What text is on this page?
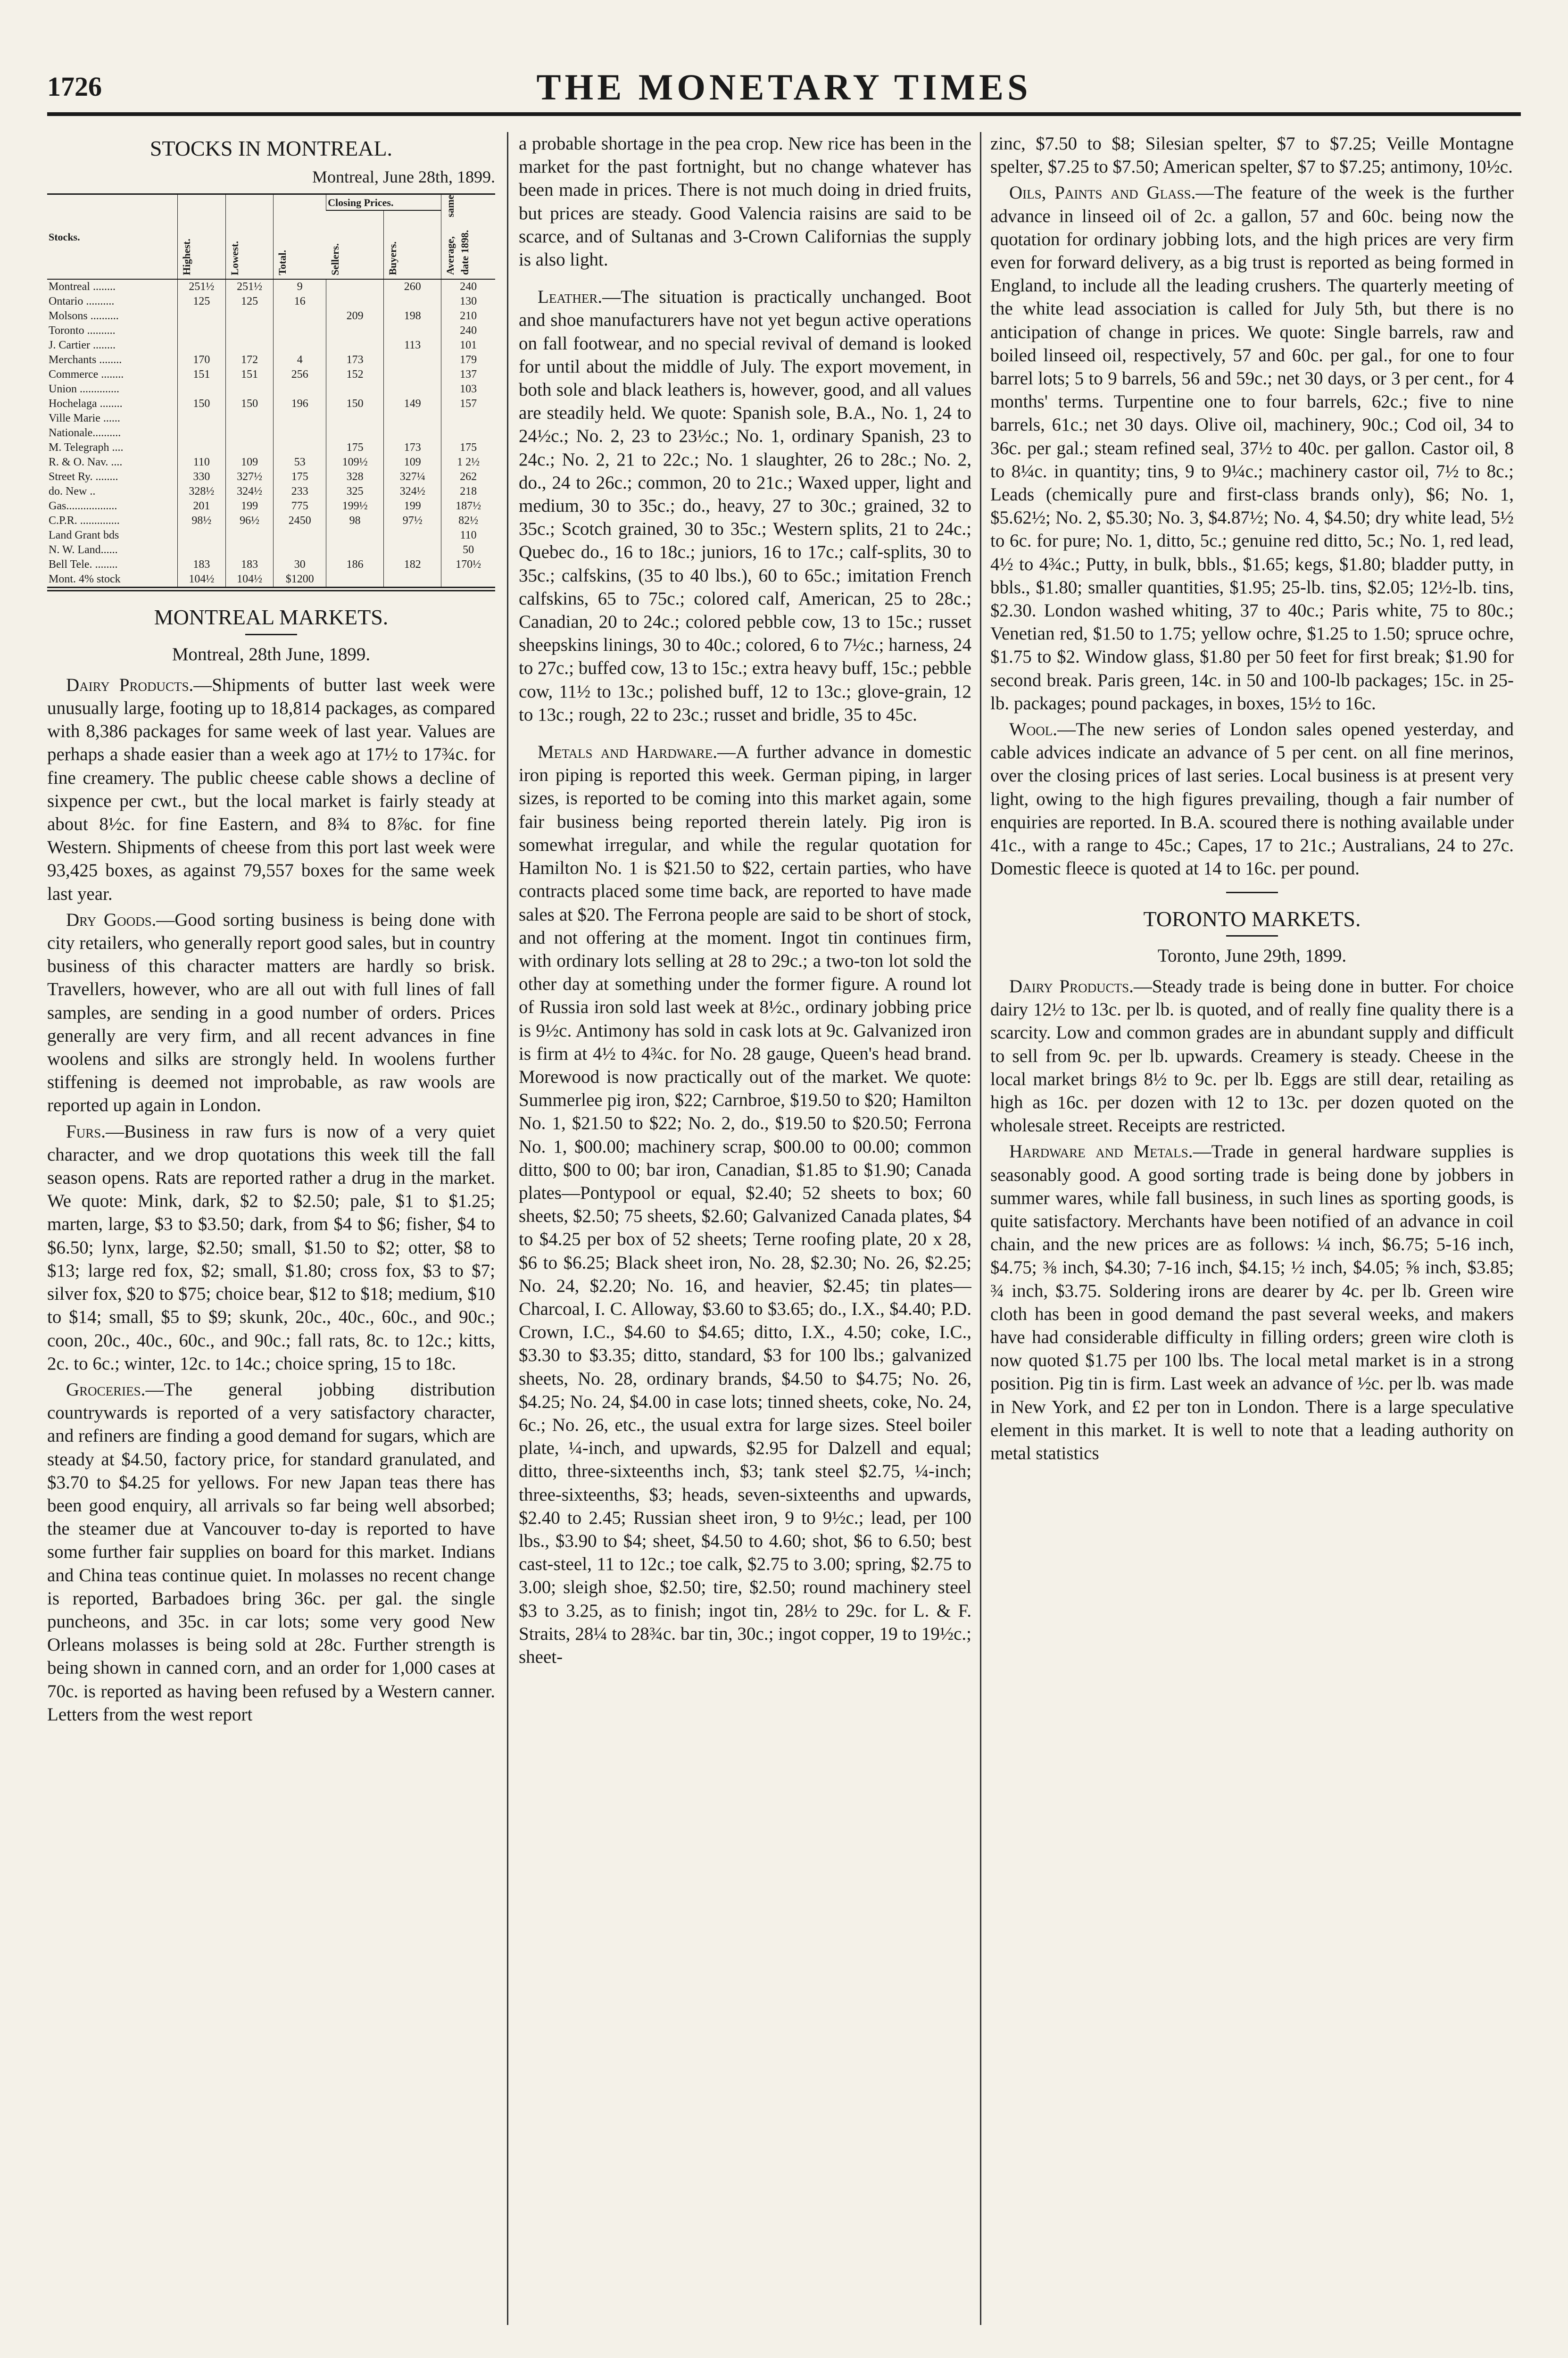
1726	THE MONETARY TIMES
STOCKS IN MONTREAL.
Montreal, June 28th, 1899.
Stocks.	Highest.	Lowest.	Total.	Closing Prices.		Average, same date 1898.
				Sellers.	Buyers.	
Montreal ........	251½	251½	9		260	240
Ontario ..........	125	125	16			130
Molsons ..........				209	198	210
Toronto ..........						240
J. Cartier ........					113	101
Merchants ........	170	172	4	173		179
Commerce ........	151	151	256	152		137
Union ..............						103
Hochelaga ........	150	150	196	150	149	157
Ville Marie ......						
Nationale..........						
M. Telegraph ....				175	173	175
R. & O. Nav. ....	110	109	53	109½	109	1 2½
Street Ry. ........	330	327½	175	328	327¼	262
do. New ..	328½	324½	233	325	324½	218
Gas..................	201	199	775	199½	199	187½
C.P.R. ..............	98½	96½	2450	98	97½	82½
Land Grant bds						110
N. W. Land......						50
Bell Tele. ........	183	183	30	186	182	170½
Mont. 4% stock	104½	104½	$1200			
MONTREAL MARKETS.

Montreal, 28th June, 1899.

Dairy Products.—Shipments of butter last week were unusually large, footing up to 18,814 packages, as compared with 8,386 packages for same week of last year. Values are perhaps a shade easier than a week ago at 17½ to 17¾c. for fine creamery. The public cheese cable shows a decline of sixpence per cwt., but the local market is fairly steady at about 8½c. for fine Eastern, and 8¾ to 8⅞c. for fine Western. Shipments of cheese from this port last week were 93,425 boxes, as against 79,557 boxes for the same week last year.

Dry Goods.—Good sorting business is being done with city retailers, who generally report good sales, but in country business of this character matters are hardly so brisk. Travellers, however, who are all out with full lines of fall samples, are sending in a good number of orders. Prices generally are very firm, and all recent advances in fine woolens and silks are strongly held. In woolens further stiffening is deemed not improbable, as raw wools are reported up again in London.

Furs.—Business in raw furs is now of a very quiet character, and we drop quotations this week till the fall season opens. Rats are reported rather a drug in the market. We quote: Mink, dark, $2 to $2.50; pale, $1 to $1.25; marten, large, $3 to $3.50; dark, from $4 to $6; fisher, $4 to $6.50; lynx, large, $2.50; small, $1.50 to $2; otter, $8 to $13; large red fox, $2; small, $1.80; cross fox, $3 to $7; silver fox, $20 to $75; choice bear, $12 to $18; medium, $10 to $14; small, $5 to $9; skunk, 20c., 40c., 60c., and 90c.; coon, 20c., 40c., 60c., and 90c.; fall rats, 8c. to 12c.; kitts, 2c. to 6c.; winter, 12c. to 14c.; choice spring, 15 to 18c.

Groceries.—The general jobbing distribution countrywards is reported of a very satisfactory character, and refiners are finding a good demand for sugars, which are steady at $4.50, factory price, for standard granulated, and $3.70 to $4.25 for yellows. For new Japan teas there has been good enquiry, all arrivals so far being well absorbed; the steamer due at Vancouver to-day is reported to have some further fair supplies on board for this market. Indians and China teas continue quiet. In molasses no recent change is reported, Barbadoes bring 36c. per gal. the single puncheons, and 35c. in car lots; some very good New Orleans molasses is being sold at 28c. Further strength is being shown in canned corn, and an order for 1,000 cases at 70c. is reported as having been refused by a Western canner. Letters from the west report

a probable shortage in the pea crop. New rice has been in the market for the past fortnight, but no change whatever has been made in prices. There is not much doing in dried fruits, but prices are steady. Good Valencia raisins are said to be scarce, and of Sultanas and 3-Crown Californias the supply is also light.

Leather.—The situation is practically unchanged. Boot and shoe manufacturers have not yet begun active operations on fall footwear, and no special revival of demand is looked for until about the middle of July. The export movement, in both sole and black leathers is, however, good, and all values are steadily held. We quote: Spanish sole, B.A., No. 1, 24 to 24½c.; No. 2, 23 to 23½c.; No. 1, ordinary Spanish, 23 to 24c.; No. 2, 21 to 22c.; No. 1 slaughter, 26 to 28c.; No. 2, do., 24 to 26c.; common, 20 to 21c.; Waxed upper, light and medium, 30 to 35c.; do., heavy, 27 to 30c.; grained, 32 to 35c.; Scotch grained, 30 to 35c.; Western splits, 21 to 24c.; Quebec do., 16 to 18c.; juniors, 16 to 17c.; calf-splits, 30 to 35c.; calfskins, (35 to 40 lbs.), 60 to 65c.; imitation French calfskins, 65 to 75c.; colored calf, American, 25 to 28c.; Canadian, 20 to 24c.; colored pebble cow, 13 to 15c.; russet sheepskins linings, 30 to 40c.; colored, 6 to 7½c.; harness, 24 to 27c.; buffed cow, 13 to 15c.; extra heavy buff, 15c.; pebble cow, 11½ to 13c.; polished buff, 12 to 13c.; glove-grain, 12 to 13c.; rough, 22 to 23c.; russet and bridle, 35 to 45c.

Metals and Hardware.—A further advance in domestic iron piping is reported this week. German piping, in larger sizes, is reported to be coming into this market again, some fair business being reported therein lately. Pig iron is somewhat irregular, and while the regular quotation for Hamilton No. 1 is $21.50 to $22, certain parties, who have contracts placed some time back, are reported to have made sales at $20. The Ferrona people are said to be short of stock, and not offering at the moment. Ingot tin continues firm, with ordinary lots selling at 28 to 29c.; a two-ton lot sold the other day at something under the former figure. A round lot of Russia iron sold last week at 8½c., ordinary jobbing price is 9½c. Antimony has sold in cask lots at 9c. Galvanized iron is firm at 4½ to 4¾c. for No. 28 gauge, Queen's head brand. Morewood is now practically out of the market. We quote: Summerlee pig iron, $22; Carnbroe, $19.50 to $20; Hamilton No. 1, $21.50 to $22; No. 2, do., $19.50 to $20.50; Ferrona No. 1, $00.00; machinery scrap, $00.00 to 00.00; common ditto, $00 to 00; bar iron, Canadian, $1.85 to $1.90; Canada plates—Pontypool or equal, $2.40; 52 sheets to box; 60 sheets, $2.50; 75 sheets, $2.60; Galvanized Canada plates, $4 to $4.25 per box of 52 sheets; Terne roofing plate, 20 x 28, $6 to $6.25; Black sheet iron, No. 28, $2.30; No. 26, $2.25; No. 24, $2.20; No. 16, and heavier, $2.45; tin plates—Charcoal, I. C. Alloway, $3.60 to $3.65; do., I.X., $4.40; P.D. Crown, I.C., $4.60 to $4.65; ditto, I.X., 4.50; coke, I.C., $3.30 to $3.35; ditto, standard, $3 for 100 lbs.; galvanized sheets, No. 28, ordinary brands, $4.50 to $4.75; No. 26, $4.25; No. 24, $4.00 in case lots; tinned sheets, coke, No. 24, 6c.; No. 26, etc., the usual extra for large sizes. Steel boiler plate, ¼-inch, and upwards, $2.95 for Dalzell and equal; ditto, three-sixteenths inch, $3; tank steel $2.75, ¼-inch; three-sixteenths, $3; heads, seven-sixteenths and upwards, $2.40 to 2.45; Russian sheet iron, 9 to 9½c.; lead, per 100 lbs., $3.90 to $4; sheet, $4.50 to 4.60; shot, $6 to 6.50; best cast-steel, 11 to 12c.; toe calk, $2.75 to 3.00; spring, $2.75 to 3.00; sleigh shoe, $2.50; tire, $2.50; round machinery steel $3 to 3.25, as to finish; ingot tin, 28½ to 29c. for L. & F. Straits, 28¼ to 28¾c. bar tin, 30c.; ingot copper, 19 to 19½c.; sheet-

zinc, $7.50 to $8; Silesian spelter, $7 to $7.25; Veille Montagne spelter, $7.25 to $7.50; American spelter, $7 to $7.25; antimony, 10½c.

Oils, Paints and Glass.—The feature of the week is the further advance in linseed oil of 2c. a gallon, 57 and 60c. being now the quotation for ordinary jobbing lots, and the high prices are very firm even for forward delivery, as a big trust is reported as being formed in England, to include all the leading crushers. The quarterly meeting of the white lead association is called for July 5th, but there is no anticipation of change in prices. We quote: Single barrels, raw and boiled linseed oil, respectively, 57 and 60c. per gal., for one to four barrel lots; 5 to 9 barrels, 56 and 59c.; net 30 days, or 3 per cent., for 4 months' terms. Turpentine one to four barrels, 62c.; five to nine barrels, 61c.; net 30 days. Olive oil, machinery, 90c.; Cod oil, 34 to 36c. per gal.; steam refined seal, 37½ to 40c. per gallon. Castor oil, 8 to 8¼c. in quantity; tins, 9 to 9¼c.; machinery castor oil, 7½ to 8c.; Leads (chemically pure and first-class brands only), $6; No. 1, $5.62½; No. 2, $5.30; No. 3, $4.87½; No. 4, $4.50; dry white lead, 5½ to 6c. for pure; No. 1, ditto, 5c.; genuine red ditto, 5c.; No. 1, red lead, 4½ to 4¾c.; Putty, in bulk, bbls., $1.65; kegs, $1.80; bladder putty, in bbls., $1.80; smaller quantities, $1.95; 25-lb. tins, $2.05; 12½-lb. tins, $2.30. London washed whiting, 37 to 40c.; Paris white, 75 to 80c.; Venetian red, $1.50 to 1.75; yellow ochre, $1.25 to 1.50; spruce ochre, $1.75 to $2. Window glass, $1.80 per 50 feet for first break; $1.90 for second break. Paris green, 14c. in 50 and 100-lb packages; 15c. in 25-lb. packages; pound packages, in boxes, 15½ to 16c.

Wool.—The new series of London sales opened yesterday, and cable advices indicate an advance of 5 per cent. on all fine merinos, over the closing prices of last series. Local business is at present very light, owing to the high figures prevailing, though a fair number of enquiries are reported. In B.A. scoured there is nothing available under 41c., with a range to 45c.; Capes, 17 to 21c.; Australians, 24 to 27c. Domestic fleece is quoted at 14 to 16c. per pound.

TORONTO MARKETS.

Toronto, June 29th, 1899.

Dairy Products.—Steady trade is being done in butter. For choice dairy 12½ to 13c. per lb. is quoted, and of really fine quality there is a scarcity. Low and common grades are in abundant supply and difficult to sell from 9c. per lb. upwards. Creamery is steady. Cheese in the local market brings 8½ to 9c. per lb. Eggs are still dear, retailing as high as 16c. per dozen with 12 to 13c. per dozen quoted on the wholesale street. Receipts are restricted.

Hardware and Metals.—Trade in general hardware supplies is seasonably good. A good sorting trade is being done by jobbers in summer wares, while fall business, in such lines as sporting goods, is quite satisfactory. Merchants have been notified of an advance in coil chain, and the new prices are as follows: ¼ inch, $6.75; 5-16 inch, $4.75; ⅜ inch, $4.30; 7-16 inch, $4.15; ½ inch, $4.05; ⅝ inch, $3.85; ¾ inch, $3.75. Soldering irons are dearer by 4c. per lb. Green wire cloth has been in good demand the past several weeks, and makers have had considerable difficulty in filling orders; green wire cloth is now quoted $1.75 per 100 lbs. The local metal market is in a strong position. Pig tin is firm. Last week an advance of ½c. per lb. was made in New York, and £2 per ton in London. There is a large speculative element in this market. It is well to note that a leading authority on metal statistics
